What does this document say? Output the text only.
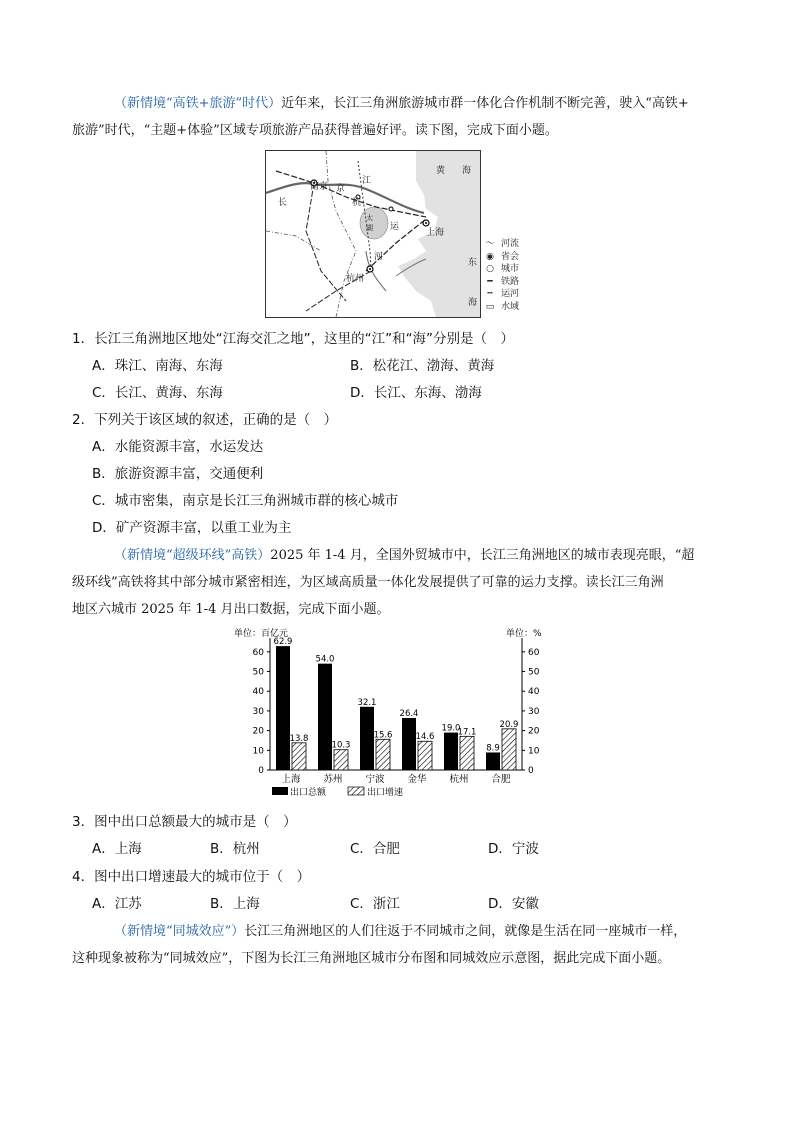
（新情境“高铁+旅游”时代）近年来，长江三角洲旅游城市群一体化合作机制不断完善，驶入“高铁+
旅游”时代，“主题+体验”区域专项旅游产品获得普遍好评。读下图，完成下面小题。
黄 海
南京 京
江
长	杭
太
湖 运
上海
河
杭州
东
海
〜 河流
◉ 省会
○ 城市
━ 铁路
┅ 运河
▭ 水域
1．长江三角洲地区地处“江海交汇之地”，这里的“江”和“海”分别是（　）
A．珠江、南海、东海	B．松花江、渤海、黄海
C．长江、黄海、东海	D．长江、东海、渤海
2．下列关于该区域的叙述，正确的是（　）
A．水能资源丰富，水运发达
B．旅游资源丰富，交通便利
C．城市密集，南京是长江三角洲城市群的核心城市
D．矿产资源丰富，以重工业为主
（新情境“超级环线”高铁）2025 年 1-4 月，全国外贸城市中，长江三角洲地区的城市表现亮眼，“超
级环线”高铁将其中部分城市紧密相连，为区域高质量一体化发展提供了可靠的运力支撑。读长江三角洲
地区六城市 2025 年 1-4 月出口数据，完成下面小题。
单位：百亿元	单位：%
0	0
10	10
20	20
30	30
40	40
50	50
60	60
62.9
13.8
上海
54.0
10.3
苏州
32.1
15.6
宁波
26.4
14.6
金华
19.0
17.1
杭州
8.9
20.9
合肥
出口总额	出口增速
3．图中出口总额最大的城市是（　）
A．上海	B．杭州	C．合肥	D．宁波
4．图中出口增速最大的城市位于（　）
A．江苏	B．上海	C．浙江	D．安徽
（新情境“同城效应”）长江三角洲地区的人们往返于不同城市之间，就像是生活在同一座城市一样，
这种现象被称为“同城效应”，下图为长江三角洲地区城市分布图和同城效应示意图，据此完成下面小题。
